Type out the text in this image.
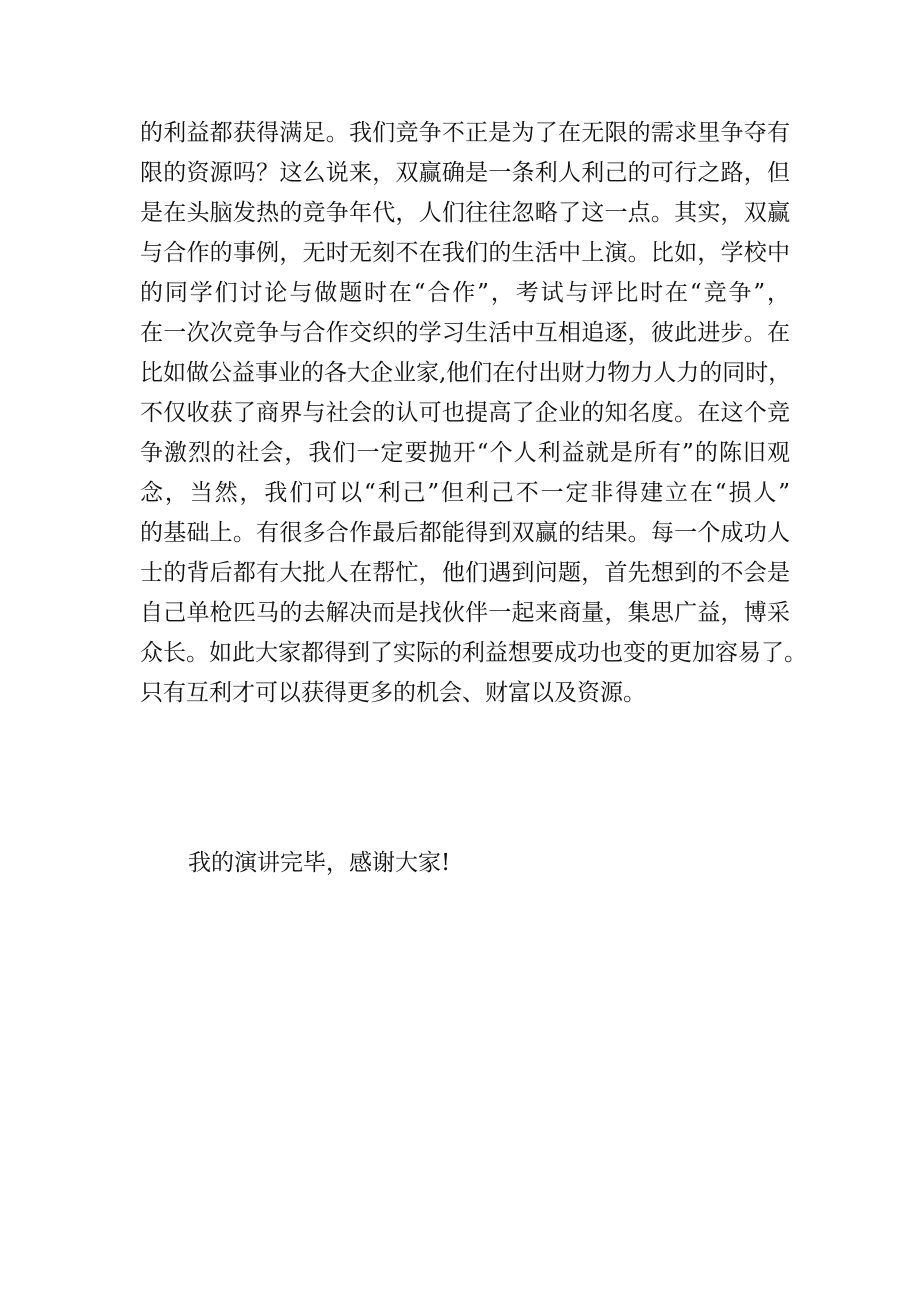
的利益都获得满足。我们竞争不正是为了在无限的需求里争夺有
限的资源吗？这么说来，双赢确是一条利人利己的可行之路，但
是在头脑发热的竞争年代，人们往往忽略了这一点。其实，双赢
与合作的事例，无时无刻不在我们的生活中上演。比如，学校中
的同学们讨论与做题时在“合作”，考试与评比时在“竞争”，
在一次次竞争与合作交织的学习生活中互相追逐，彼此进步。在
比如做公益事业的各大企业家,他们在付出财力物力人力的同时，
不仅收获了商界与社会的认可也提高了企业的知名度。在这个竞
争激烈的社会，我们一定要抛开“个人利益就是所有”的陈旧观
念，当然，我们可以“利己”但利己不一定非得建立在“损人”
的基础上。有很多合作最后都能得到双赢的结果。每一个成功人
士的背后都有大批人在帮忙，他们遇到问题，首先想到的不会是
自己单枪匹马的去解决而是找伙伴一起来商量，集思广益，博采
众长。如此大家都得到了实际的利益想要成功也变的更加容易了。
只有互利才可以获得更多的机会、财富以及资源。
我的演讲完毕，感谢大家!
